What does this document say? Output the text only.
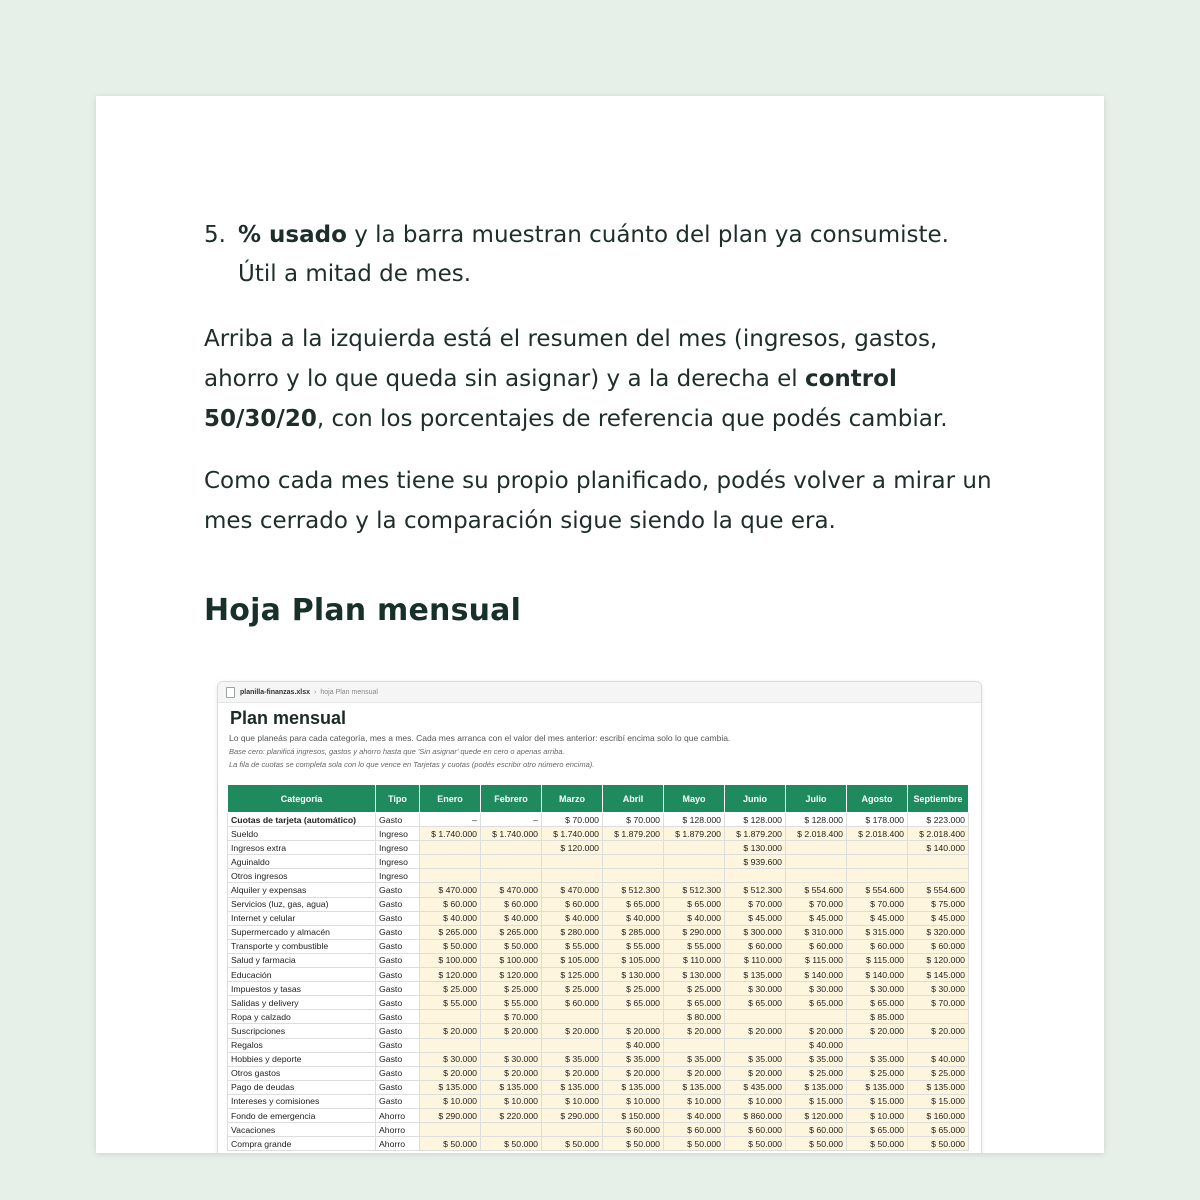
5. % usado y la barra muestran cuánto del plan ya consumiste. Útil a mitad de mes.

Arriba a la izquierda está el resumen del mes (ingresos, gastos, ahorro y lo que queda sin asignar) y a la derecha el control 50/30/20, con los porcentajes de referencia que podés cambiar.

Como cada mes tiene su propio planificado, podés volver a mirar un mes cerrado y la comparación sigue siendo la que era.

Hoja Plan mensual
planilla-finanzas.xlsx › hoja Plan mensual
Plan mensual
Lo que planeás para cada categoría, mes a mes. Cada mes arranca con el valor del mes anterior: escribí encima solo lo que cambia.
Base cero: planificá ingresos, gastos y ahorro hasta que 'Sin asignar' quede en cero o apenas arriba.
La fila de cuotas se completa sola con lo que vence en Tarjetas y cuotas (podés escribir otro número encima).
Categoría	Tipo	Enero	Febrero	Marzo	Abril	Mayo	Junio	Julio	Agosto	Septiembre
Cuotas de tarjeta (automático)	Gasto	–	–	$ 70.000	$ 70.000	$ 128.000	$ 128.000	$ 128.000	$ 178.000	$ 223.000
Sueldo	Ingreso	$ 1.740.000	$ 1.740.000	$ 1.740.000	$ 1.879.200	$ 1.879.200	$ 1.879.200	$ 2.018.400	$ 2.018.400	$ 2.018.400
Ingresos extra	Ingreso			$ 120.000			$ 130.000			$ 140.000
Aguinaldo	Ingreso						$ 939.600			
Otros ingresos	Ingreso									
Alquiler y expensas	Gasto	$ 470.000	$ 470.000	$ 470.000	$ 512.300	$ 512.300	$ 512.300	$ 554.600	$ 554.600	$ 554.600
Servicios (luz, gas, agua)	Gasto	$ 60.000	$ 60.000	$ 60.000	$ 65.000	$ 65.000	$ 70.000	$ 70.000	$ 70.000	$ 75.000
Internet y celular	Gasto	$ 40.000	$ 40.000	$ 40.000	$ 40.000	$ 40.000	$ 45.000	$ 45.000	$ 45.000	$ 45.000
Supermercado y almacén	Gasto	$ 265.000	$ 265.000	$ 280.000	$ 285.000	$ 290.000	$ 300.000	$ 310.000	$ 315.000	$ 320.000
Transporte y combustible	Gasto	$ 50.000	$ 50.000	$ 55.000	$ 55.000	$ 55.000	$ 60.000	$ 60.000	$ 60.000	$ 60.000
Salud y farmacia	Gasto	$ 100.000	$ 100.000	$ 105.000	$ 105.000	$ 110.000	$ 110.000	$ 115.000	$ 115.000	$ 120.000
Educación	Gasto	$ 120.000	$ 120.000	$ 125.000	$ 130.000	$ 130.000	$ 135.000	$ 140.000	$ 140.000	$ 145.000
Impuestos y tasas	Gasto	$ 25.000	$ 25.000	$ 25.000	$ 25.000	$ 25.000	$ 30.000	$ 30.000	$ 30.000	$ 30.000
Salidas y delivery	Gasto	$ 55.000	$ 55.000	$ 60.000	$ 65.000	$ 65.000	$ 65.000	$ 65.000	$ 65.000	$ 70.000
Ropa y calzado	Gasto		$ 70.000			$ 80.000			$ 85.000	
Suscripciones	Gasto	$ 20.000	$ 20.000	$ 20.000	$ 20.000	$ 20.000	$ 20.000	$ 20.000	$ 20.000	$ 20.000
Regalos	Gasto				$ 40.000			$ 40.000		
Hobbies y deporte	Gasto	$ 30.000	$ 30.000	$ 35.000	$ 35.000	$ 35.000	$ 35.000	$ 35.000	$ 35.000	$ 40.000
Otros gastos	Gasto	$ 20.000	$ 20.000	$ 20.000	$ 20.000	$ 20.000	$ 20.000	$ 25.000	$ 25.000	$ 25.000
Pago de deudas	Gasto	$ 135.000	$ 135.000	$ 135.000	$ 135.000	$ 135.000	$ 435.000	$ 135.000	$ 135.000	$ 135.000
Intereses y comisiones	Gasto	$ 10.000	$ 10.000	$ 10.000	$ 10.000	$ 10.000	$ 10.000	$ 15.000	$ 15.000	$ 15.000
Fondo de emergencia	Ahorro	$ 290.000	$ 220.000	$ 290.000	$ 150.000	$ 40.000	$ 860.000	$ 120.000	$ 10.000	$ 160.000
Vacaciones	Ahorro				$ 60.000	$ 60.000	$ 60.000	$ 60.000	$ 65.000	$ 65.000
Compra grande	Ahorro	$ 50.000	$ 50.000	$ 50.000	$ 50.000	$ 50.000	$ 50.000	$ 50.000	$ 50.000	$ 50.000
